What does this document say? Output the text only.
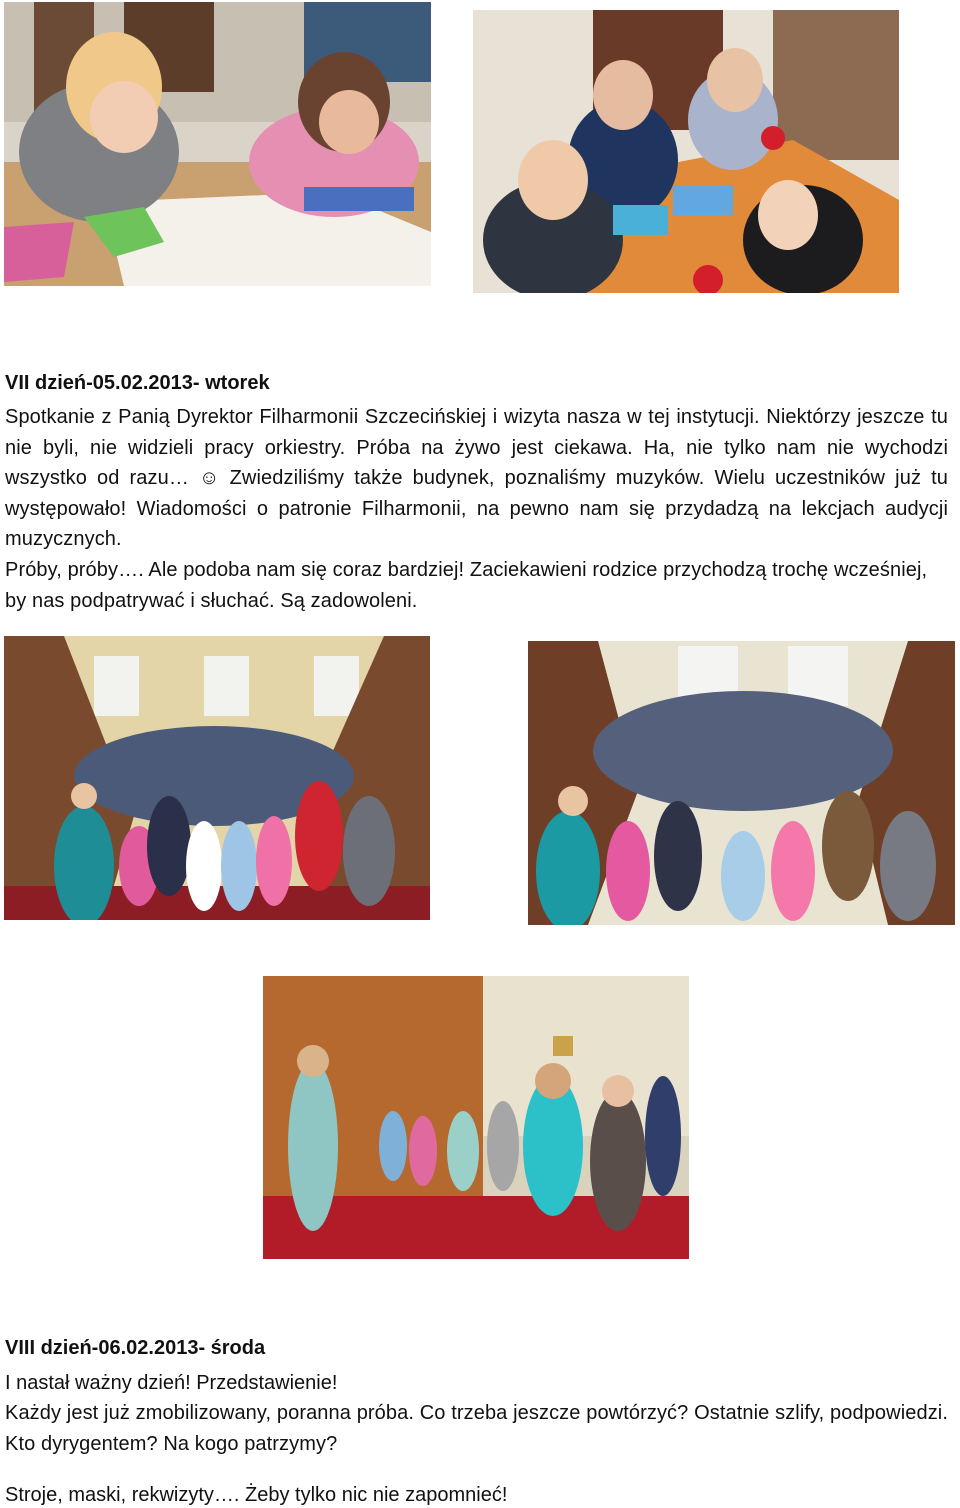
VII dzień-05.02.2013- wtorek

Spotkanie z Panią Dyrektor Filharmonii Szczecińskiej i wizyta nasza w tej instytucji. Niektórzy jeszcze tu nie byli, nie widzieli pracy orkiestry. Próba na żywo jest ciekawa. Ha, nie tylko nam nie wychodzi wszystko od razu… ☺ Zwiedziliśmy także budynek, poznaliśmy muzyków. Wielu uczestników już tu występowało! Wiadomości o patronie Filharmonii, na pewno nam się przydadzą na lekcjach audycji muzycznych.

Próby, próby…. Ale podoba nam się coraz bardziej! Zaciekawieni rodzice przychodzą trochę wcześniej, by nas podpatrywać i słuchać. Są zadowoleni.

VIII dzień-06.02.2013- środa

I nastał ważny dzień! Przedstawienie!

Każdy jest już zmobilizowany, poranna próba. Co trzeba jeszcze powtórzyć? Ostatnie szlify, podpowiedzi. Kto dyrygentem? Na kogo patrzymy?

Stroje, maski, rekwizyty…. Żeby tylko nic nie zapomnieć!
